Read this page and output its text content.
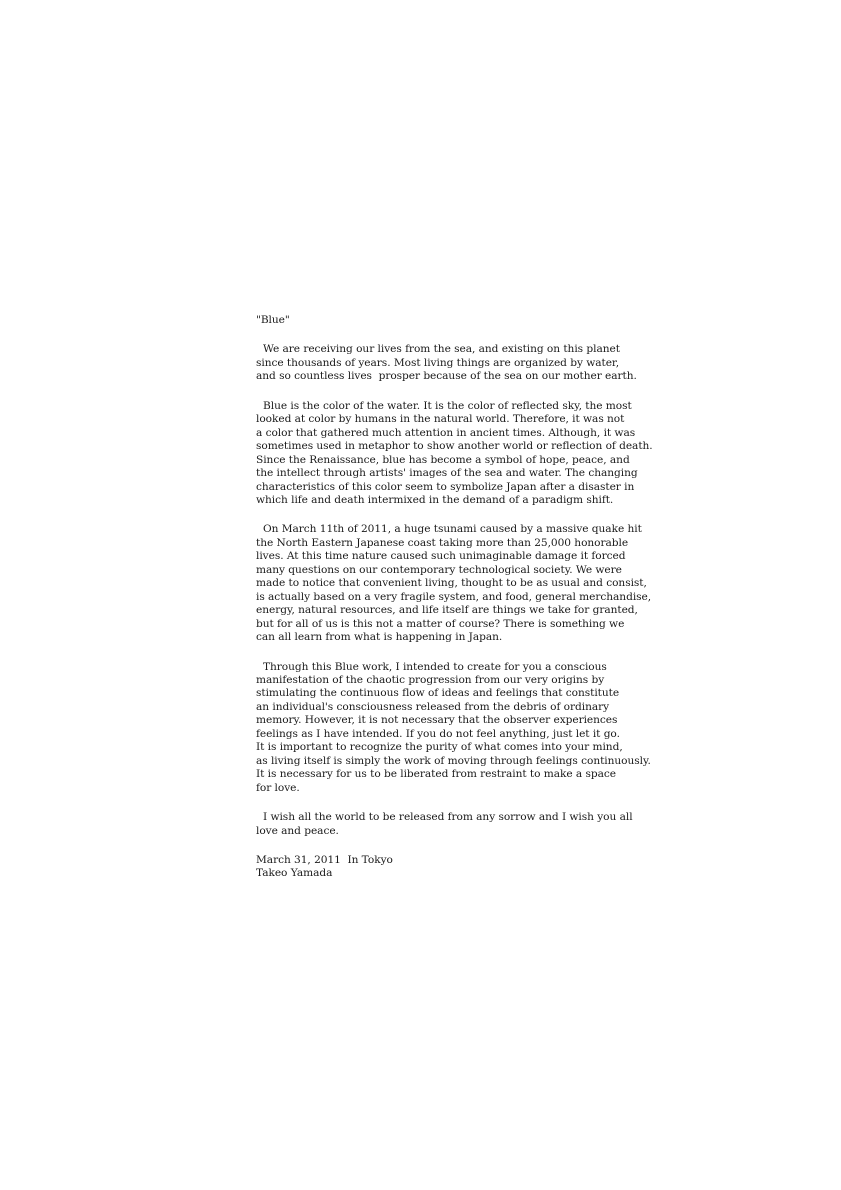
"Blue"
We are receiving our lives from the sea, and existing on this planet
since thousands of years. Most living things are organized by water,
and so countless lives  prosper because of the sea on our mother earth.
Blue is the color of the water. It is the color of reflected sky, the most
looked at color by humans in the natural world. Therefore, it was not
a color that gathered much attention in ancient times. Although, it was
sometimes used in metaphor to show another world or reflection of death.
Since the Renaissance, blue has become a symbol of hope, peace, and
the intellect through artists' images of the sea and water. The changing
characteristics of this color seem to symbolize Japan after a disaster in
which life and death intermixed in the demand of a paradigm shift.
On March 11th of 2011, a huge tsunami caused by a massive quake hit
the North Eastern Japanese coast taking more than 25,000 honorable
lives. At this time nature caused such unimaginable damage it forced
many questions on our contemporary technological society. We were
made to notice that convenient living, thought to be as usual and consist,
is actually based on a very fragile system, and food, general merchandise,
energy, natural resources, and life itself are things we take for granted,
but for all of us is this not a matter of course? There is something we
can all learn from what is happening in Japan.
Through this Blue work, I intended to create for you a conscious
manifestation of the chaotic progression from our very origins by
stimulating the continuous flow of ideas and feelings that constitute
an individual's consciousness released from the debris of ordinary
memory. However, it is not necessary that the observer experiences
feelings as I have intended. If you do not feel anything, just let it go.
It is important to recognize the purity of what comes into your mind,
as living itself is simply the work of moving through feelings continuously.
It is necessary for us to be liberated from restraint to make a space
for love.
I wish all the world to be released from any sorrow and I wish you all
love and peace.
March 31, 2011  In Tokyo
Takeo Yamada
